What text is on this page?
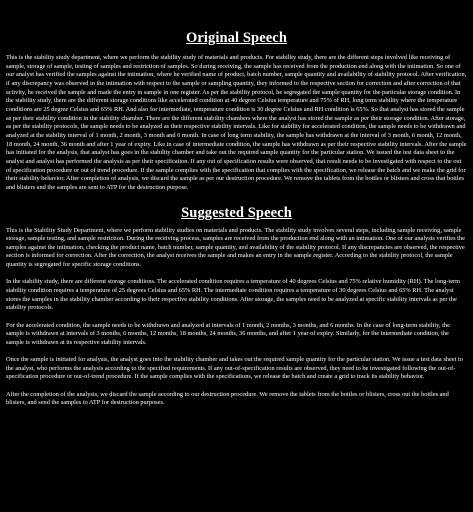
Original Speech

This is the stability study department, where we perform the stability study of materials and products. For stability study, there are the different steps involved like receiving of sample, storage of sample, testing of samples and restriction of samples. So during receiving, the sample has received from the production end along with the intimation. So one of our analyst has verified the samples against the intimation, where he verified name of product, batch number, sample quantity and availability of stability protocol. After verification, if any discrepancy was observed in the intimation with respect to the sample or sampling quantity, they informed to the respective section for correction and after correction of that activity, he received the sample and made the entry in sample in one register. As per the stability protocol, he segregated the sample quantity for the particular storage condition. In the stability study, there are the different storage conditions like accelerated condition at 40 degree Celsius temperature and 75% of RH, long term stability where the temperature conditions are 25 degree Celsius and 65% RH. And also for intermediate, temperature condition is 30 degree Celsius and RH condition is 65%. So that analyst has stored the sample as per their stability condition in the stability chamber. There are the different stability chambers where the analyst has stored the sample as per their storage condition. After storage, as per the stability protocols, the sample needs to be analyzed as their respective stability intervals. Like for stability for accelerated condition, the sample needs to be withdrawn and analyzed at the stability interval of 1 month, 2 month, 3 month and 6 month. In case of long term stability, the sample has withdrawn at the interval of 3 month, 6 month, 12 month, 18 month, 24 month, 36 month and after 1 year of expiry. Like in case of intermediate condition, the sample has withdrawn as per their respective stability intervals. After the sample has initiated for the analysis, that analyst has goes in the stability chamber and take out the required sample quantity for the particular station. We issued the test data sheet to the analyst and analyst has performed the analysis as per their specification. If any out of specification results were observed, that result needs to be investigated with respect to the out of specification procedure or out of trend procedure. If the sample complies with the specification that complies with the specification, we release the batch and we make the grid for their stability behavior. After completion of analysis, we discard the sample as per our destruction procedure. We remove the tablets from the bottles or blisters and cross that bottles and blisters and the samples are sent to ATP for the destruction purpose.

Suggested Speech

This is the Stability Study Department, where we perform stability studies on materials and products. The stability study involves several steps, including sample receiving, sample storage, sample testing, and sample restriction. During the receiving process, samples are received from the production end along with an intimation. One of our analysts verifies the samples against the intimation, checking the product name, batch number, sample quantity, and availability of the stability protocol. If any discrepancies are observed, the respective section is informed for correction. After the correction, the analyst receives the sample and makes an entry in the sample register. According to the stability protocol, the sample quantity is segregated for specific storage conditions.

In the stability study, there are different storage conditions. The accelerated condition requires a temperature of 40 degrees Celsius and 75% relative humidity (RH). The long-term stability condition requires a temperature of 25 degrees Celsius and 65% RH. The intermediate condition requires a temperature of 30 degrees Celsius and 65% RH. The analyst stores the samples in the stability chamber according to their respective stability conditions. After storage, the samples need to be analyzed at specific stability intervals as per the stability protocols.

For the accelerated condition, the sample needs to be withdrawn and analyzed at intervals of 1 month, 2 months, 3 months, and 6 months. In the case of long-term stability, the sample is withdrawn at intervals of 3 months, 6 months, 12 months, 18 months, 24 months, 36 months, and after 1 year of expiry. Similarly, for the intermediate condition, the sample is withdrawn at its respective stability intervals.

Once the sample is initiated for analysis, the analyst goes into the stability chamber and takes out the required sample quantity for the particular station. We issue a test data sheet to the analyst, who performs the analysis according to the specified requirements. If any out-of-specification results are observed, they need to be investigated following the out-of-specification procedure or out-of-trend procedure. If the sample complies with the specifications, we release the batch and create a grid to track its stability behavior.

After the completion of the analysis, we discard the sample according to our destruction procedure. We remove the tablets from the bottles or blisters, cross out the bottles and blisters, and send the samples to ATP for destruction purposes.
